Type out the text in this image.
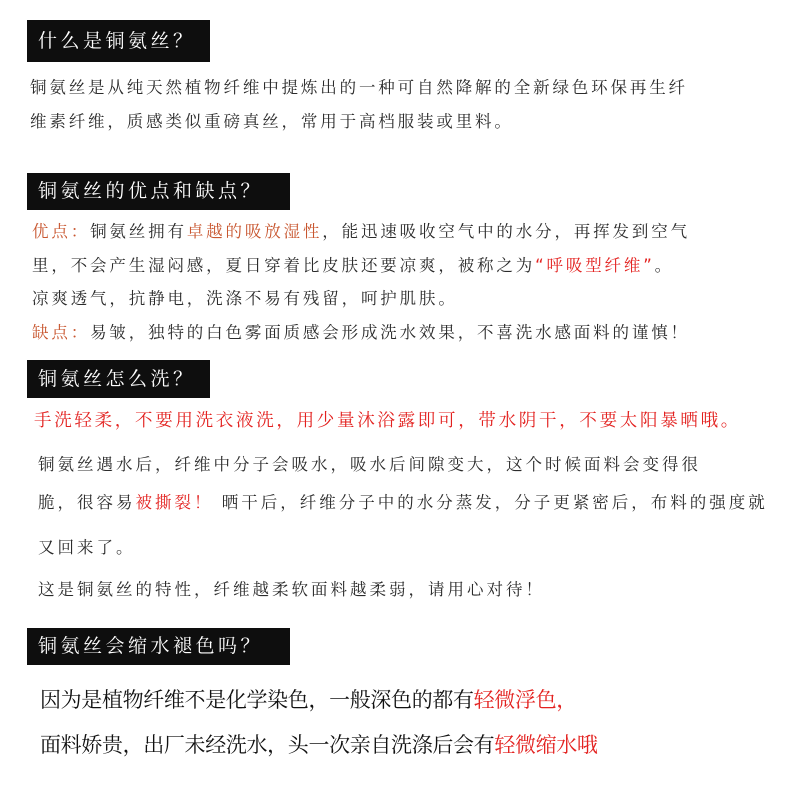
什么是铜氨丝？
铜氨丝是从纯天然植物纤维中提炼出的一种可自然降解的全新绿色环保再生纤
维素纤维，质感类似重磅真丝，常用于高档服装或里料。
铜氨丝的优点和缺点？
优点：铜氨丝拥有卓越的吸放湿性，能迅速吸收空气中的水分，再挥发到空气
里，不会产生湿闷感，夏日穿着比皮肤还要凉爽，被称之为“呼吸型纤维”。
凉爽透气，抗静电，洗涤不易有残留，呵护肌肤。
缺点：易皱，独特的白色雾面质感会形成洗水效果，不喜洗水感面料的谨慎！
铜氨丝怎么洗？
手洗轻柔，不要用洗衣液洗，用少量沐浴露即可，带水阴干，不要太阳暴晒哦。
铜氨丝遇水后，纤维中分子会吸水，吸水后间隙变大，这个时候面料会变得很
脆，很容易被撕裂！ 晒干后，纤维分子中的水分蒸发，分子更紧密后，布料的强度就
又回来了。
这是铜氨丝的特性，纤维越柔软面料越柔弱，请用心对待！
铜氨丝会缩水褪色吗？
因为是植物纤维不是化学染色，一般深色的都有轻微浮色，
面料娇贵，出厂未经洗水，头一次亲自洗涤后会有轻微缩水哦
